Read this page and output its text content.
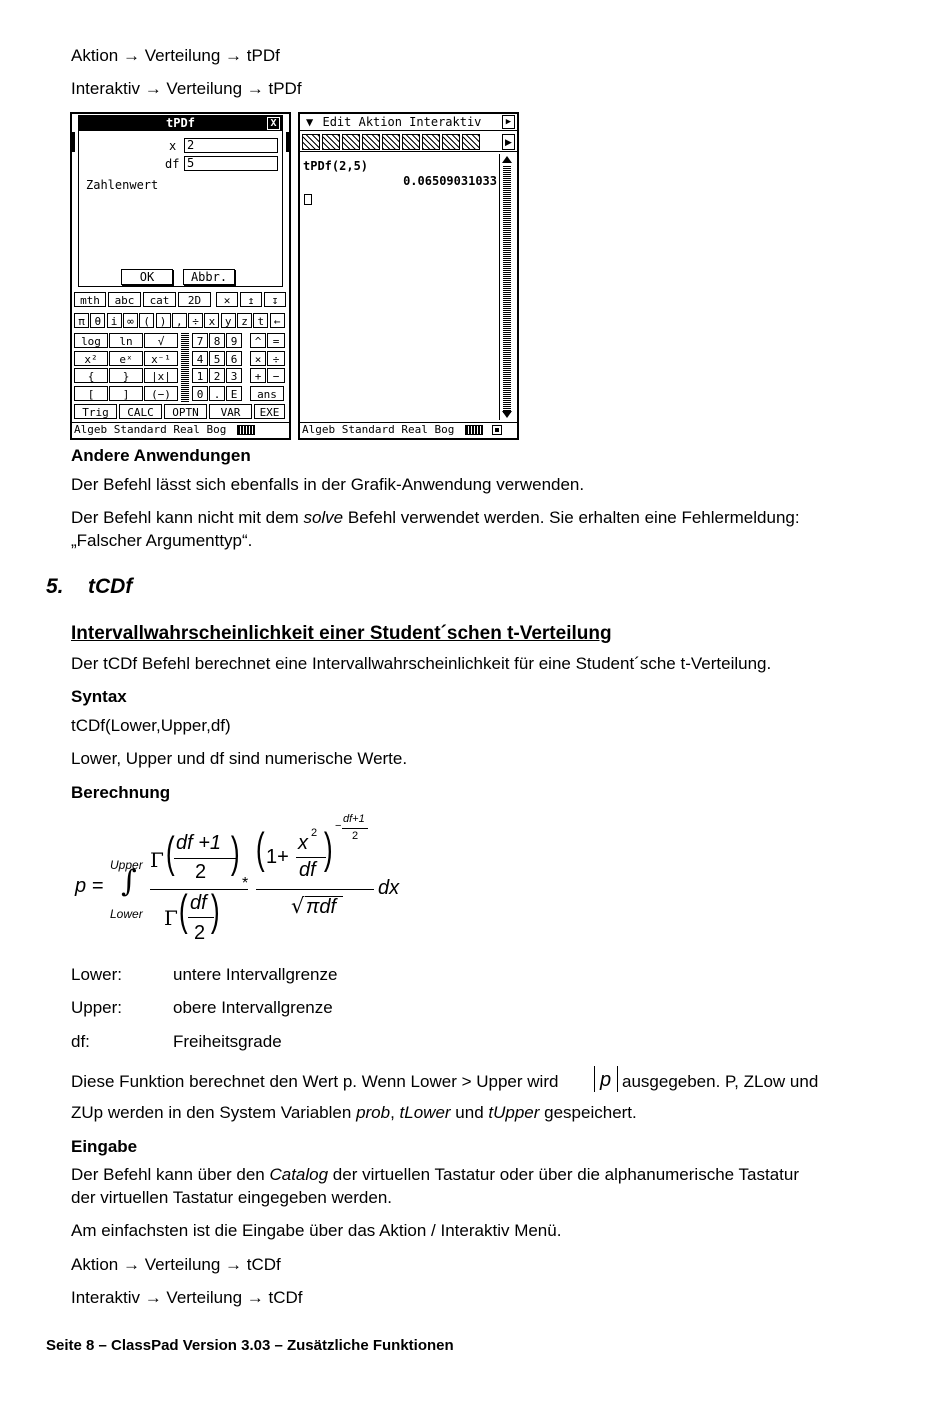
Aktion → Verteilung → tPDf
Interaktiv → Verteilung → tPDf
tPDf	X
x 2
df 5
Zahlenwert
OK	Abbr.
mth	abc	cat	2D	✕	↥	↧
π θ i ∞ ( ) , ÷ x y z t ←
log	ln	√	7 8 9	^	=
x²	eˣ	x⁻¹	4 5 6	×	÷
{	}	|x|	1 2 3	+	−
[	]	(−)	0 . E	ans
Trig	CALC	OPTN	VAR	EXE
Algeb Standard Real Bog
▼ Edit Aktion Interaktiv	▶
▶
tPDf(2,5)
0.06509031033
Algeb Standard Real Bog
Andere Anwendungen
Der Befehl lässt sich ebenfalls in der Grafik-Anwendung verwenden.
Der Befehl kann nicht mit dem solve Befehl verwendet werden. Sie erhalten eine Fehlermeldung:
„Falscher Argumenttyp“.
5. tCDf
Intervallwahrscheinlichkeit einer Student´schen t-Verteilung
Der tCDf Befehl berechnet eine Intervallwahrscheinlichkeit für eine Student´sche t-Verteilung.
Syntax
tCDf(Lower,Upper,df)
Lower, Upper und df sind numerische Werte.
Berechnung
p =
Upper
∫
Lower
Γ ( df +1
2 )
Γ ( df
2 )
*
( 1+
x 2
df ) −
df+1
2
√ πdf
dx
Lower:	untere Intervallgrenze
Upper:	obere Intervallgrenze
df:	Freiheitsgrade
Diese Funktion berechnet den Wert p. Wenn Lower > Upper wird p ausgegeben. P, ZLow und
ZUp werden in den System Variablen prob, tLower und tUpper gespeichert.
Eingabe
Der Befehl kann über den Catalog der virtuellen Tastatur oder über die alphanumerische Tastatur
der virtuellen Tastatur eingegeben werden.
Am einfachsten ist die Eingabe über das Aktion / Interaktiv Menü.
Aktion → Verteilung → tCDf
Interaktiv → Verteilung → tCDf
Seite 8 – ClassPad Version 3.03 – Zusätzliche Funktionen
